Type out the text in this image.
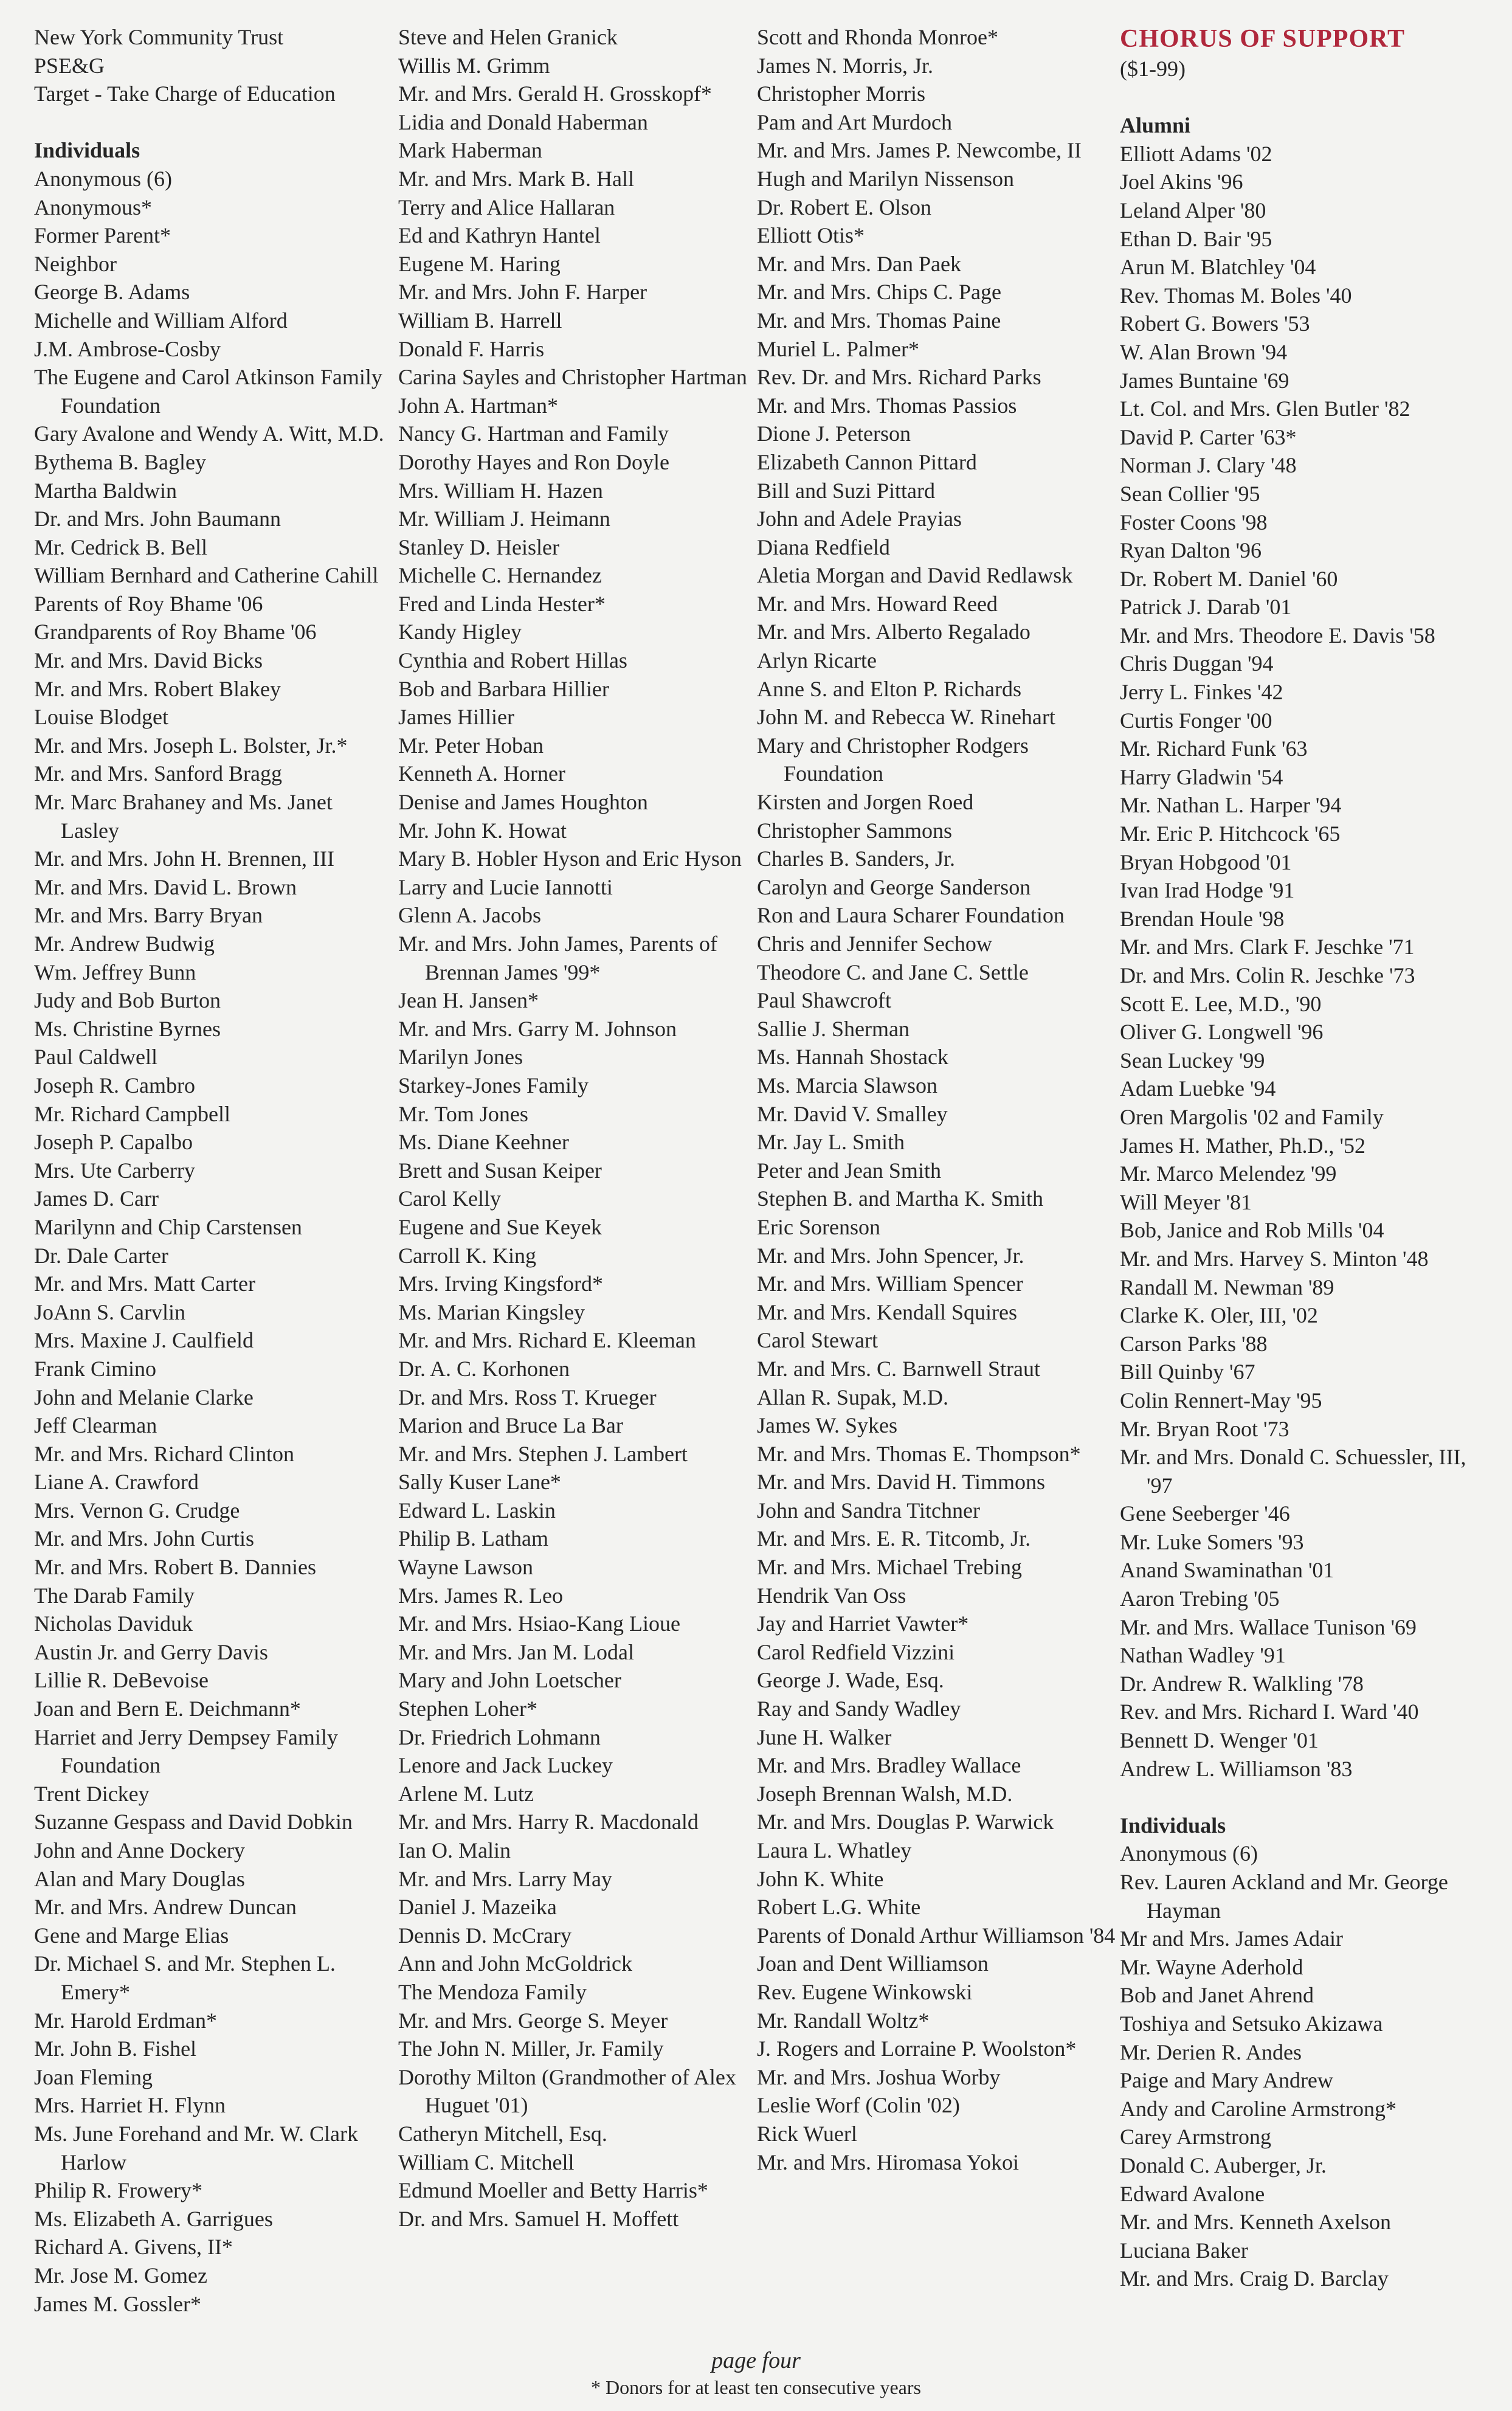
New York Community Trust
PSE&G
Target - Take Charge of Education
Individuals
Anonymous (6)
Anonymous*
Former Parent*
Neighbor
George B. Adams
Michelle and William Alford
J.M. Ambrose-Cosby
The Eugene and Carol Atkinson Family Foundation
Gary Avalone and Wendy A. Witt, M.D.
Bythema B. Bagley
Martha Baldwin
Dr. and Mrs. John Baumann
Mr. Cedrick B. Bell
William Bernhard and Catherine Cahill
Parents of Roy Bhame '06
Grandparents of Roy Bhame '06
Mr. and Mrs. David Bicks
Mr. and Mrs. Robert Blakey
Louise Blodget
Mr. and Mrs. Joseph L. Bolster, Jr.*
Mr. and Mrs. Sanford Bragg
Mr. Marc Brahaney and Ms. Janet Lasley
Mr. and Mrs. John H. Brennen, III
Mr. and Mrs. David L. Brown
Mr. and Mrs. Barry Bryan
Mr. Andrew Budwig
Wm. Jeffrey Bunn
Judy and Bob Burton
Ms. Christine Byrnes
Paul Caldwell
Joseph R. Cambro
Mr. Richard Campbell
Joseph P. Capalbo
Mrs. Ute Carberry
James D. Carr
Marilynn and Chip Carstensen
Dr. Dale Carter
Mr. and Mrs. Matt Carter
JoAnn S. Carvlin
Mrs. Maxine J. Caulfield
Frank Cimino
John and Melanie Clarke
Jeff Clearman
Mr. and Mrs. Richard Clinton
Liane A. Crawford
Mrs. Vernon G. Crudge
Mr. and Mrs. John Curtis
Mr. and Mrs. Robert B. Dannies
The Darab Family
Nicholas Daviduk
Austin Jr. and Gerry Davis
Lillie R. DeBevoise
Joan and Bern E. Deichmann*
Harriet and Jerry Dempsey Family Foundation
Trent Dickey
Suzanne Gespass and David Dobkin
John and Anne Dockery
Alan and Mary Douglas
Mr. and Mrs. Andrew Duncan
Gene and Marge Elias
Dr. Michael S. and Mr. Stephen L. Emery*
Mr. Harold Erdman*
Mr. John B. Fishel
Joan Fleming
Mrs. Harriet H. Flynn
Ms. June Forehand and Mr. W. Clark Harlow
Philip R. Frowery*
Ms. Elizabeth A. Garrigues
Richard A. Givens, II*
Mr. Jose M. Gomez
James M. Gossler*
Steve and Helen Granick
Willis M. Grimm
Mr. and Mrs. Gerald H. Grosskopf*
Lidia and Donald Haberman
Mark Haberman
Mr. and Mrs. Mark B. Hall
Terry and Alice Hallaran
Ed and Kathryn Hantel
Eugene M. Haring
Mr. and Mrs. John F. Harper
William B. Harrell
Donald F. Harris
Carina Sayles and Christopher Hartman
John A. Hartman*
Nancy G. Hartman and Family
Dorothy Hayes and Ron Doyle
Mrs. William H. Hazen
Mr. William J. Heimann
Stanley D. Heisler
Michelle C. Hernandez
Fred and Linda Hester*
Kandy Higley
Cynthia and Robert Hillas
Bob and Barbara Hillier
James Hillier
Mr. Peter Hoban
Kenneth A. Horner
Denise and James Houghton
Mr. John K. Howat
Mary B. Hobler Hyson and Eric Hyson
Larry and Lucie Iannotti
Glenn A. Jacobs
Mr. and Mrs. John James, Parents of Brennan James '99*
Jean H. Jansen*
Mr. and Mrs. Garry M. Johnson
Marilyn Jones
Starkey-Jones Family
Mr. Tom Jones
Ms. Diane Keehner
Brett and Susan Keiper
Carol Kelly
Eugene and Sue Keyek
Carroll K. King
Mrs. Irving Kingsford*
Ms. Marian Kingsley
Mr. and Mrs. Richard E. Kleeman
Dr. A. C. Korhonen
Dr. and Mrs. Ross T. Krueger
Marion and Bruce La Bar
Mr. and Mrs. Stephen J. Lambert
Sally Kuser Lane*
Edward L. Laskin
Philip B. Latham
Wayne Lawson
Mrs. James R. Leo
Mr. and Mrs. Hsiao-Kang Lioue
Mr. and Mrs. Jan M. Lodal
Mary and John Loetscher
Stephen Loher*
Dr. Friedrich Lohmann
Lenore and Jack Luckey
Arlene M. Lutz
Mr. and Mrs. Harry R. Macdonald
Ian O. Malin
Mr. and Mrs. Larry May
Daniel J. Mazeika
Dennis D. McCrary
Ann and John McGoldrick
The Mendoza Family
Mr. and Mrs. George S. Meyer
The John N. Miller, Jr. Family
Dorothy Milton (Grandmother of Alex Huguet '01)
Catheryn Mitchell, Esq.
William C. Mitchell
Edmund Moeller and Betty Harris*
Dr. and Mrs. Samuel H. Moffett
Scott and Rhonda Monroe*
James N. Morris, Jr.
Christopher Morris
Pam and Art Murdoch
Mr. and Mrs. James P. Newcombe, II
Hugh and Marilyn Nissenson
Dr. Robert E. Olson
Elliott Otis*
Mr. and Mrs. Dan Paek
Mr. and Mrs. Chips C. Page
Mr. and Mrs. Thomas Paine
Muriel L. Palmer*
Rev. Dr. and Mrs. Richard Parks
Mr. and Mrs. Thomas Passios
Dione J. Peterson
Elizabeth Cannon Pittard
Bill and Suzi Pittard
John and Adele Prayias
Diana Redfield
Aletia Morgan and David Redlawsk
Mr. and Mrs. Howard Reed
Mr. and Mrs. Alberto Regalado
Arlyn Ricarte
Anne S. and Elton P. Richards
John M. and Rebecca W. Rinehart
Mary and Christopher Rodgers Foundation
Kirsten and Jorgen Roed
Christopher Sammons
Charles B. Sanders, Jr.
Carolyn and George Sanderson
Ron and Laura Scharer Foundation
Chris and Jennifer Sechow
Theodore C. and Jane C. Settle
Paul Shawcroft
Sallie J. Sherman
Ms. Hannah Shostack
Ms. Marcia Slawson
Mr. David V. Smalley
Mr. Jay L. Smith
Peter and Jean Smith
Stephen B. and Martha K. Smith
Eric Sorenson
Mr. and Mrs. John Spencer, Jr.
Mr. and Mrs. William Spencer
Mr. and Mrs. Kendall Squires
Carol Stewart
Mr. and Mrs. C. Barnwell Straut
Allan R. Supak, M.D.
James W. Sykes
Mr. and Mrs. Thomas E. Thompson*
Mr. and Mrs. David H. Timmons
John and Sandra Titchner
Mr. and Mrs. E. R. Titcomb, Jr.
Mr. and Mrs. Michael Trebing
Hendrik Van Oss
Jay and Harriet Vawter*
Carol Redfield Vizzini
George J. Wade, Esq.
Ray and Sandy Wadley
June H. Walker
Mr. and Mrs. Bradley Wallace
Joseph Brennan Walsh, M.D.
Mr. and Mrs. Douglas P. Warwick
Laura L. Whatley
John K. White
Robert L.G. White
Parents of Donald Arthur Williamson '84
Joan and Dent Williamson
Rev. Eugene Winkowski
Mr. Randall Woltz*
J. Rogers and Lorraine P. Woolston*
Mr. and Mrs. Joshua Worby
Leslie Worf (Colin '02)
Rick Wuerl
Mr. and Mrs. Hiromasa Yokoi
CHORUS OF SUPPORT
($1-99)
Alumni
Elliott Adams '02
Joel Akins '96
Leland Alper '80
Ethan D. Bair '95
Arun M. Blatchley '04
Rev. Thomas M. Boles '40
Robert G. Bowers '53
W. Alan Brown '94
James Buntaine '69
Lt. Col. and Mrs. Glen Butler '82
David P. Carter '63*
Norman J. Clary '48
Sean Collier '95
Foster Coons '98
Ryan Dalton '96
Dr. Robert M. Daniel '60
Patrick J. Darab '01
Mr. and Mrs. Theodore E. Davis '58
Chris Duggan '94
Jerry L. Finkes '42
Curtis Fonger '00
Mr. Richard Funk '63
Harry Gladwin '54
Mr. Nathan L. Harper '94
Mr. Eric P. Hitchcock '65
Bryan Hobgood '01
Ivan Irad Hodge '91
Brendan Houle '98
Mr. and Mrs. Clark F. Jeschke '71
Dr. and Mrs. Colin R. Jeschke '73
Scott E. Lee, M.D., '90
Oliver G. Longwell '96
Sean Luckey '99
Adam Luebke '94
Oren Margolis '02 and Family
James H. Mather, Ph.D., '52
Mr. Marco Melendez '99
Will Meyer '81
Bob, Janice and Rob Mills '04
Mr. and Mrs. Harvey S. Minton '48
Randall M. Newman '89
Clarke K. Oler, III, '02
Carson Parks '88
Bill Quinby '67
Colin Rennert-May '95
Mr. Bryan Root '73
Mr. and Mrs. Donald C. Schuessler, III, '97
Gene Seeberger '46
Mr. Luke Somers '93
Anand Swaminathan '01
Aaron Trebing '05
Mr. and Mrs. Wallace Tunison '69
Nathan Wadley '91
Dr. Andrew R. Walkling '78
Rev. and Mrs. Richard I. Ward '40
Bennett D. Wenger '01
Andrew L. Williamson '83
Individuals
Anonymous (6)
Rev. Lauren Ackland and Mr. George Hayman
Mr and Mrs. James Adair
Mr. Wayne Aderhold
Bob and Janet Ahrend
Toshiya and Setsuko Akizawa
Mr. Derien R. Andes
Paige and Mary Andrew
Andy and Caroline Armstrong*
Carey Armstrong
Donald C. Auberger, Jr.
Edward Avalone
Mr. and Mrs. Kenneth Axelson
Luciana Baker
Mr. and Mrs. Craig D. Barclay
page four
* Donors for at least ten consecutive years
